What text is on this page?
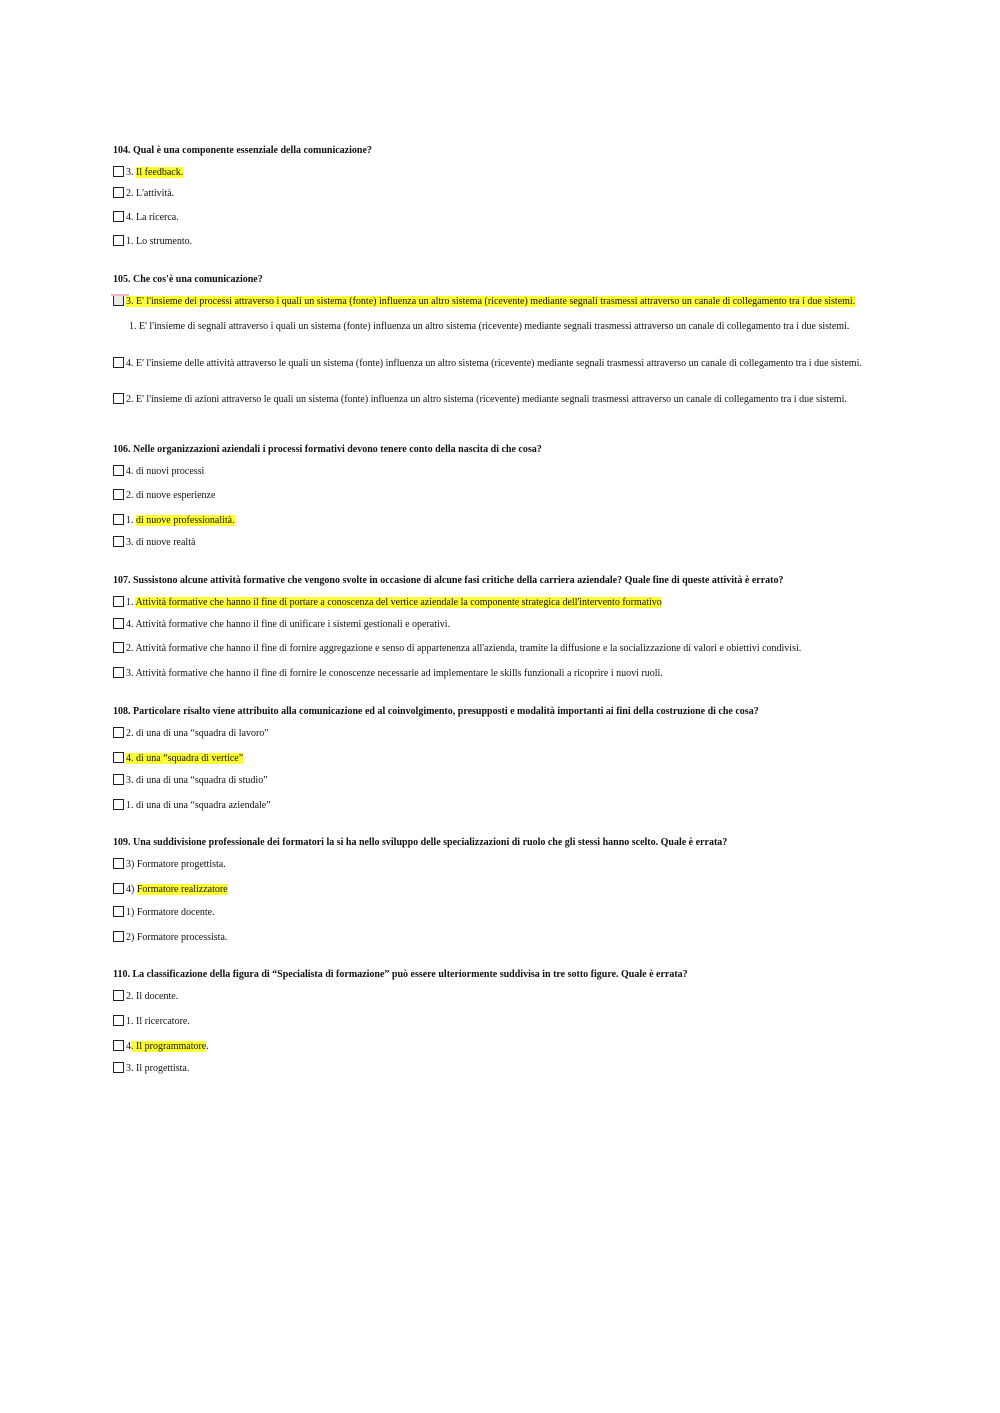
104. Qual è una componente essenziale della comunicazione?
3. Il feedback.
2. L'attività.
4. La ricerca.
1. Lo strumento.
105. Che cos'è una comunicazione?
3. E' l'insieme dei processi attraverso i quali un sistema (fonte) influenza un altro sistema (ricevente) mediante segnali trasmessi attraverso un canale di collegamento tra i due sistemi.
1. E' l'insieme di segnali attraverso i quali un sistema (fonte) influenza un altro sistema (ricevente) mediante segnali trasmessi attraverso un canale di collegamento tra i due sistemi.
4. E' l'insieme delle attività attraverso le quali un sistema (fonte) influenza un altro sistema (ricevente) mediante segnali trasmessi attraverso un canale di collegamento tra i due sistemi.
2. E' l'insieme di azioni attraverso le quali un sistema (fonte) influenza un altro sistema (ricevente) mediante segnali trasmessi attraverso un canale di collegamento tra i due sistemi.
106. Nelle organizzazioni aziendali i processi formativi devono tenere conto della nascita di che cosa?
4. di nuovi processi
2. di nuove esperienze
1. di nuove professionalità.
3. di nuove realtà
107. Sussistono alcune attività formative che vengono svolte in occasione di alcune fasi critiche della carriera aziendale? Quale fine di queste attività è errato?
1. Attività formative che hanno il fine di portare a conoscenza del vertice aziendale la componente strategica dell'intervento formativo
4. Attività formative che hanno il fine di unificare i sistemi gestionali e operativi.
2. Attività formative che hanno il fine di fornire aggregazione e senso di appartenenza all'azienda, tramite la diffusione e la socializzazione di valori e obiettivi condivisi.
3. Attività formative che hanno il fine di fornire le conoscenze necessarie ad implementare le skills funzionali a ricoprire i nuovi ruoli.
108. Particolare risalto viene attribuito alla comunicazione ed al coinvolgimento, presupposti e modalità importanti ai fini della costruzione di che cosa?
2. di una di una “squadra di lavoro”
4. di una “squadra di vertice”
3. di una di una “squadra di studio”
1. di una di una “squadra aziendale”
109. Una suddivisione professionale dei formatori la si ha nello sviluppo delle specializzazioni di ruolo che gli stessi hanno scelto. Quale è errata?
3) Formatore progettista.
4) Formatore realizzatore
1) Formatore docente.
2) Formatore processista.
110. La classificazione della figura di “Specialista di formazione” può essere ulteriormente suddivisa in tre sotto figure. Quale è errata?
2. Il docente.
1. Il ricercatore.
4. Il programmatore.
3. Il progettista.
